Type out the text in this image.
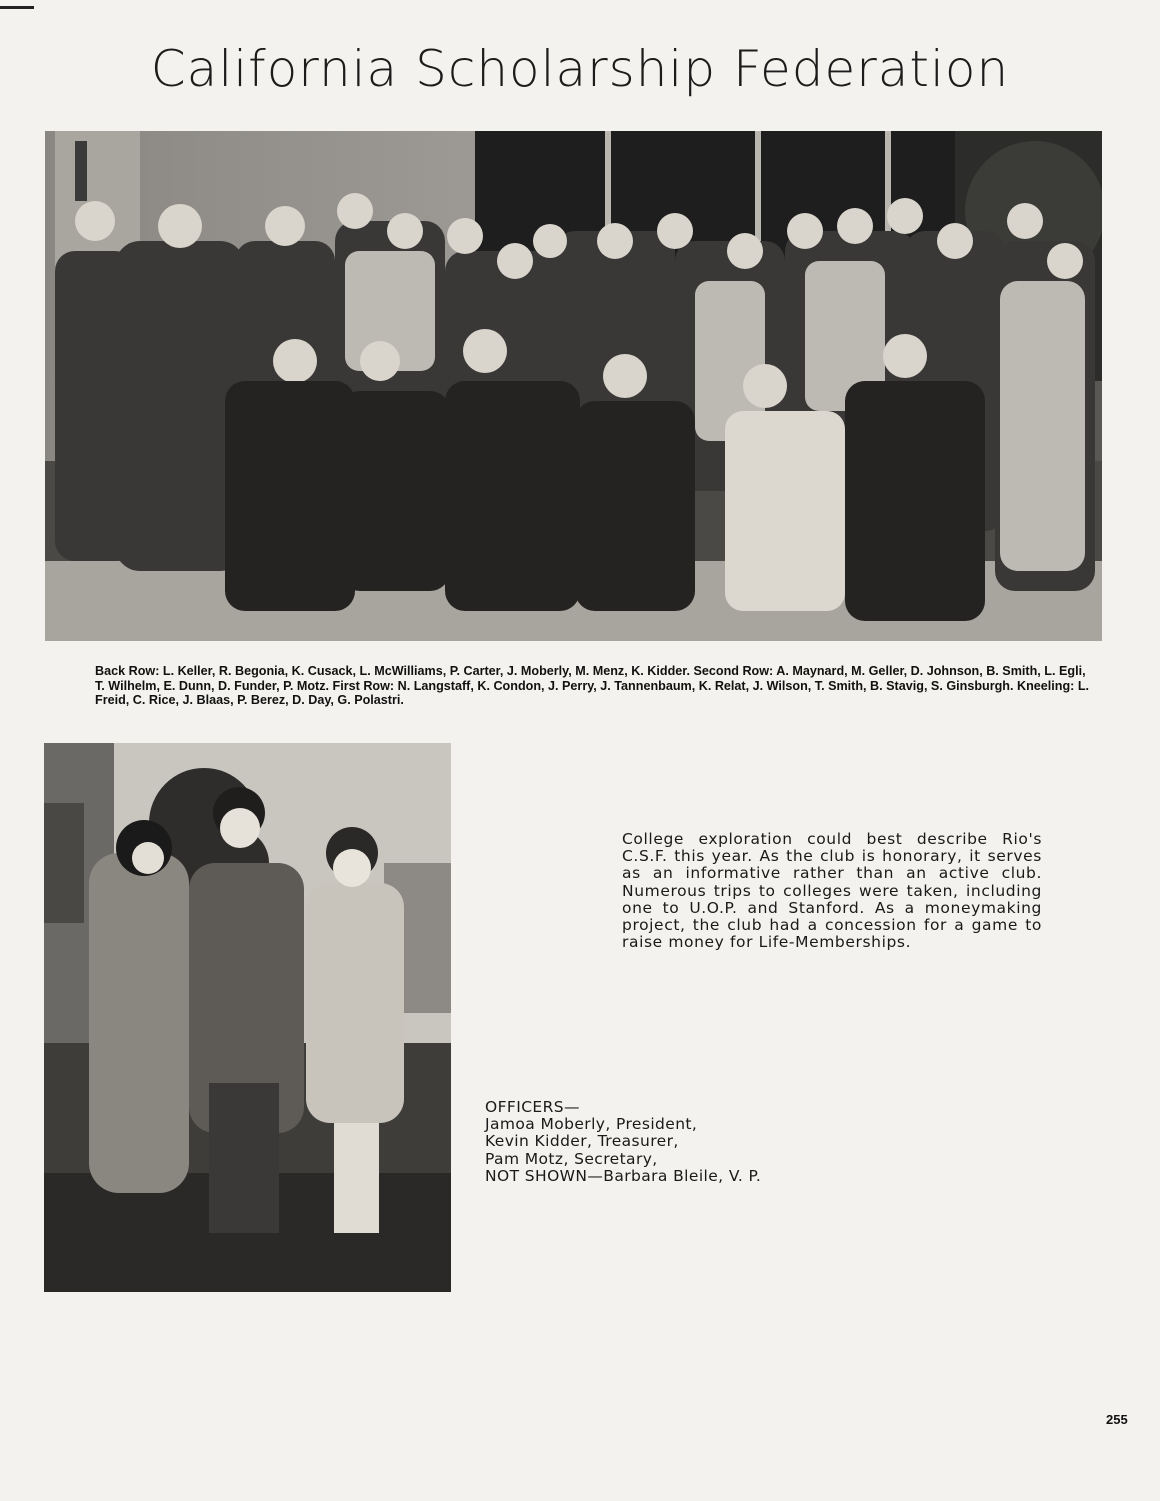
California Scholarship Federation

Back Row: L. Keller, R. Begonia, K. Cusack, L. McWilliams, P. Carter, J. Moberly, M. Menz, K. Kidder. Second Row: A. Maynard, M. Geller, D. Johnson, B. Smith, L. Egli, T. Wilhelm, E. Dunn, D. Funder, P. Motz. First Row: N. Langstaff, K. Condon, J. Perry, J. Tannenbaum, K. Relat, J. Wilson, T. Smith, B. Stavig, S. Ginsburgh. Kneeling: L. Freid, C. Rice, J. Blaas, P. Berez, D. Day, G. Polastri.

College exploration could best describe Rio's C.S.F. this year. As the club is honorary, it serves as an informative rather than an active club. Numerous trips to colleges were taken, including one to U.O.P. and Stanford. As a moneymaking project, the club had a concession for a game to raise money for Life-Memberships.

OFFICERS—
Jamoa Moberly, President,
Kevin Kidder, Treasurer,
Pam Motz, Secretary,
NOT SHOWN—Barbara Bleile, V. P.
255
